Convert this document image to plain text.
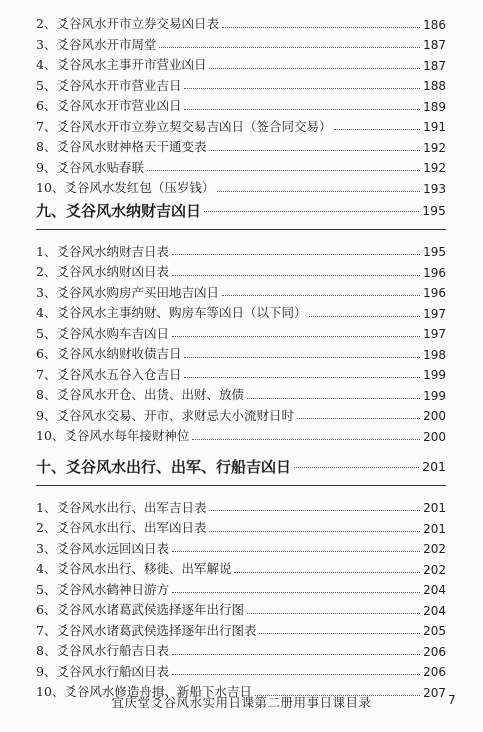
2、爻谷风水开市立券交易凶日表	186
3、爻谷风水开市周堂	187
4、爻谷风水主事开市营业凶日	187
5、爻谷风水开市营业吉日	188
6、爻谷风水开市营业凶日	189
7、爻谷风水开市立券立契交易吉凶日（签合同交易）	191
8、爻谷风水财神格天干通变表	192
9、爻谷风水贴春联	192
10、爻谷风水发红包（压岁钱）	193
九、爻谷风水纳财吉凶日	195
1、爻谷风水纳财吉日表	195
2、爻谷风水纳财凶日表	196
3、爻谷风水购房产买田地吉凶日	196
4、爻谷风水主事纳财、购房车等凶日（以下同）	197
5、爻谷风水购车吉凶日	197
6、爻谷风水纳财收债吉日	198
7、爻谷风水五谷入仓吉日	199
8、爻谷风水开仓、出货、出财、放债	199
9、爻谷风水交易、开市、求财忌大小流财日时	200
10、爻谷风水每年接财神位	200
十、爻谷风水出行、出军、行船吉凶日	201
1、爻谷风水出行、出军吉日表	201
2、爻谷风水出行、出军凶日表	201
3、爻谷风水远回凶日表	202
4、爻谷风水出行、移徙、出军解说	202
5、爻谷风水鹤神日游方	204
6、爻谷风水诸葛武侯选择逐年出行图	204
7、爻谷风水诸葛武侯选择逐年出行图表	205
8、爻谷风水行船吉日表	206
9、爻谷风水行船凶日表	206
10、爻谷风水修造舟揖、新船下水吉日	207
宜庆堂爻谷风水实用日课第二册用事日课目录	7
